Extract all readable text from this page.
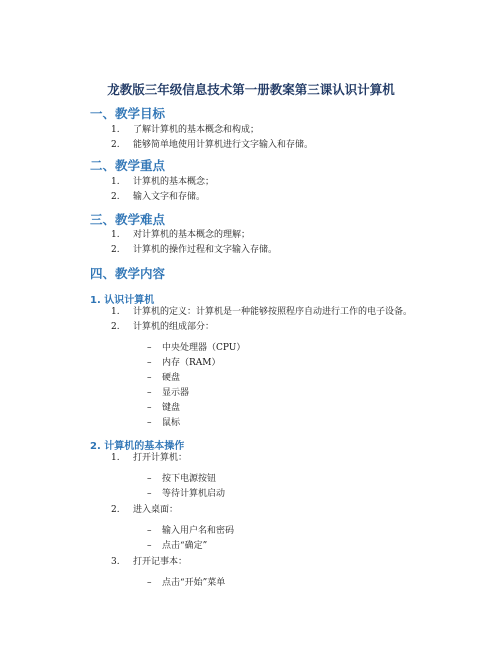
龙教版三年级信息技术第一册教案第三课认识计算机
一、教学目标
1. 了解计算机的基本概念和构成；
2. 能够简单地使用计算机进行文字输入和存储。
二、教学重点
1. 计算机的基本概念；
2. 输入文字和存储。
三、教学难点
1. 对计算机的基本概念的理解；
2. 计算机的操作过程和文字输入存储。
四、教学内容
1. 认识计算机
1. 计算机的定义：计算机是一种能够按照程序自动进行工作的电子设备。
2. 计算机的组成部分：
– 中央处理器（CPU）
– 内存（RAM）
– 硬盘
– 显示器
– 键盘
– 鼠标
2. 计算机的基本操作
1. 打开计算机：
– 按下电源按钮
– 等待计算机启动
2. 进入桌面：
– 输入用户名和密码
– 点击“确定”
3. 打开记事本：
– 点击“开始”菜单
